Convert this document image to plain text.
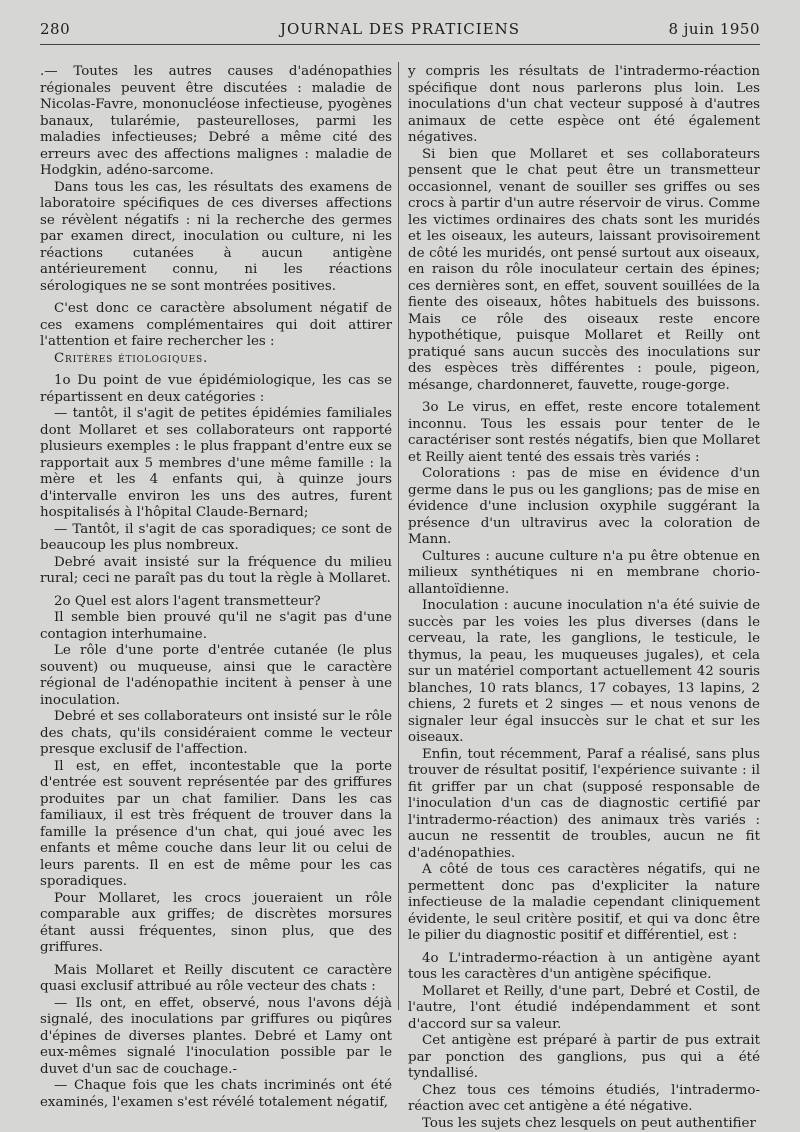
280	JOURNAL DES PRATICIENS	8 juin 1950

.— Toutes les autres causes d'adénopathies régionales peuvent être discutées : maladie de Nicolas-Favre, mononucléose infectieuse, pyogènes banaux, tularémie, pasteurelloses, parmi les maladies infectieuses; Debré a même cité des erreurs avec des affections malignes : maladie de Hodgkin, adéno-sarcome.

Dans tous les cas, les résultats des examens de laboratoire spécifiques de ces diverses affections se révèlent négatifs : ni la recherche des germes par examen direct, inoculation ou culture, ni les réactions cutanées à aucun antigène antérieurement connu, ni les réactions sérologiques ne se sont montrées positives.

C'est donc ce caractère absolument négatif de ces examens complémentaires qui doit attirer l'attention et faire rechercher les :

Critères étiologiques.

1o Du point de vue épidémiologique, les cas se répartissent en deux catégories :

— tantôt, il s'agit de petites épidémies familiales dont Mollaret et ses collaborateurs ont rapporté plusieurs exemples : le plus frappant d'entre eux se rapportait aux 5 membres d'une même famille : la mère et les 4 enfants qui, à quinze jours d'intervalle environ les uns des autres, furent hospitalisés à l'hôpital Claude-Bernard;

— Tantôt, il s'agit de cas sporadiques; ce sont de beaucoup les plus nombreux.

Debré avait insisté sur la fréquence du milieu rural; ceci ne paraît pas du tout la règle à Mollaret.

2o Quel est alors l'agent transmetteur?

Il semble bien prouvé qu'il ne s'agit pas d'une contagion interhumaine.

Le rôle d'une porte d'entrée cutanée (le plus souvent) ou muqueuse, ainsi que le caractère régional de l'adénopathie incitent à penser à une inoculation.

Debré et ses collaborateurs ont insisté sur le rôle des chats, qu'ils considéraient comme le vecteur presque exclusif de l'affection.

Il est, en effet, incontestable que la porte d'entrée est souvent représentée par des griffures produites par un chat familier. Dans les cas familiaux, il est très fréquent de trouver dans la famille la présence d'un chat, qui joué avec les enfants et même couche dans leur lit ou celui de leurs parents. Il en est de même pour les cas sporadiques.

Pour Mollaret, les crocs joueraient un rôle comparable aux griffes; de discrètes morsures étant aussi fréquentes, sinon plus, que des griffures.

Mais Mollaret et Reilly discutent ce caractère quasi exclusif attribué au rôle vecteur des chats :

— Ils ont, en effet, observé, nous l'avons déjà signalé, des inoculations par griffures ou piqûres d'épines de diverses plantes. Debré et Lamy ont eux-mêmes signalé l'inoculation possible par le duvet d'un sac de couchage.-

— Chaque fois que les chats incriminés ont été examinés, l'examen s'est révélé totalement négatif,

y compris les résultats de l'intradermo-réaction spécifique dont nous parlerons plus loin. Les inoculations d'un chat vecteur supposé à d'autres animaux de cette espèce ont été également négatives.

Si bien que Mollaret et ses collaborateurs pensent que le chat peut être un transmetteur occasionnel, venant de souiller ses griffes ou ses crocs à partir d'un autre réservoir de virus. Comme les victimes ordinaires des chats sont les muridés et les oiseaux, les auteurs, laissant provisoirement de côté les muridés, ont pensé surtout aux oiseaux, en raison du rôle inoculateur certain des épines; ces dernières sont, en effet, souvent souillées de la fiente des oiseaux, hôtes habituels des buissons. Mais ce rôle des oiseaux reste encore hypothétique, puisque Mollaret et Reilly ont pratiqué sans aucun succès des inoculations sur des espèces très différentes : poule, pigeon, mésange, chardonneret, fauvette, rouge-gorge.

3o Le virus, en effet, reste encore totalement inconnu. Tous les essais pour tenter de le caractériser sont restés négatifs, bien que Mollaret et Reilly aient tenté des essais très variés :

Colorations : pas de mise en évidence d'un germe dans le pus ou les ganglions; pas de mise en évidence d'une inclusion oxyphile suggérant la présence d'un ultravirus avec la coloration de Mann.

Cultures : aucune culture n'a pu être obtenue en milieux synthétiques ni en membrane chorio-allantoïdienne.

Inoculation : aucune inoculation n'a été suivie de succès par les voies les plus diverses (dans le cerveau, la rate, les ganglions, le testicule, le thymus, la peau, les muqueuses jugales), et cela sur un matériel comportant actuellement 42 souris blanches, 10 rats blancs, 17 cobayes, 13 lapins, 2 chiens, 2 furets et 2 singes — et nous venons de signaler leur égal insuccès sur le chat et sur les oiseaux.

Enfin, tout récemment, Paraf a réalisé, sans plus trouver de résultat positif, l'expérience suivante : il fit griffer par un chat (supposé responsable de l'inoculation d'un cas de diagnostic certifié par l'intradermo-réaction) des animaux très variés : aucun ne ressentit de troubles, aucun ne fit d'adénopathies.

A côté de tous ces caractères négatifs, qui ne permettent donc pas d'expliciter la nature infectieuse de la maladie cependant cliniquement évidente, le seul critère positif, et qui va donc être le pilier du diagnostic positif et différentiel, est :

4o L'intradermo-réaction à un antigène ayant tous les caractères d'un antigène spécifique.

Mollaret et Reilly, d'une part, Debré et Costil, de l'autre, l'ont étudié indépendamment et sont d'accord sur sa valeur.

Cet antigène est préparé à partir de pus extrait par ponction des ganglions, pus qui a été tyndallisé.

Chez tous ces témoins étudiés, l'intradermo-réaction avec cet antigène a été négative.

Tous les sujets chez lesquels on peut authentifier
